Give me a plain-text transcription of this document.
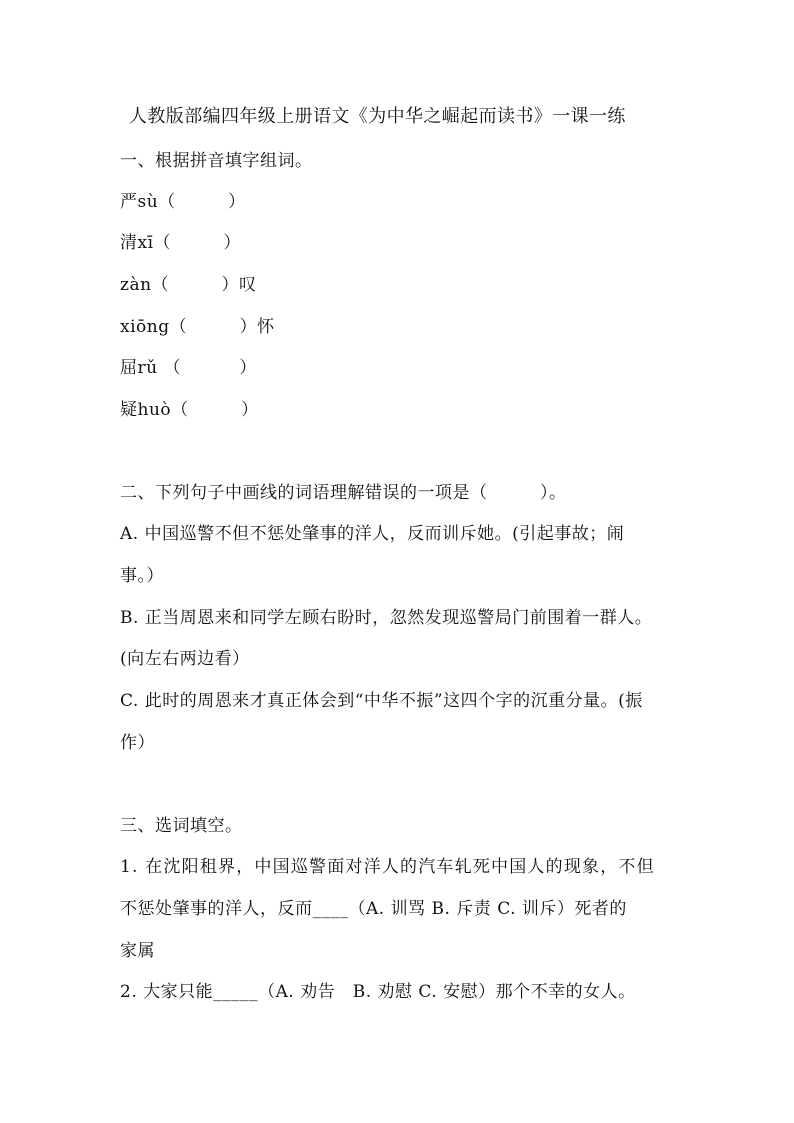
人教版部编四年级上册语文《为中华之崛起而读书》一课一练
一、根据拼音填字组词。
严sù（　　　）
清xī（　　　）
zàn（　　　）叹
xiōng（　　　）怀
屈rǔ （　　　 ）
疑huò（　　　）
二、下列句子中画线的词语理解错误的一项是（　　　）。
A. 中国巡警不但不惩处肇事的洋人，反而训斥她。(引起事故；闹
事。）
B. 正当周恩来和同学左顾右盼时，忽然发现巡警局门前围着一群人。
(向左右两边看）
C. 此时的周恩来才真正体会到“中华不振”这四个字的沉重分量。(振
作）
三、选词填空。
1. 在沈阳租界，中国巡警面对洋人的汽车轧死中国人的现象，不但
不惩处肇事的洋人，反而____（A. 训骂 B. 斥责 C. 训斥）死者的
家属
2. 大家只能_____（A. 劝告　B. 劝慰 C. 安慰）那个不幸的女人。
